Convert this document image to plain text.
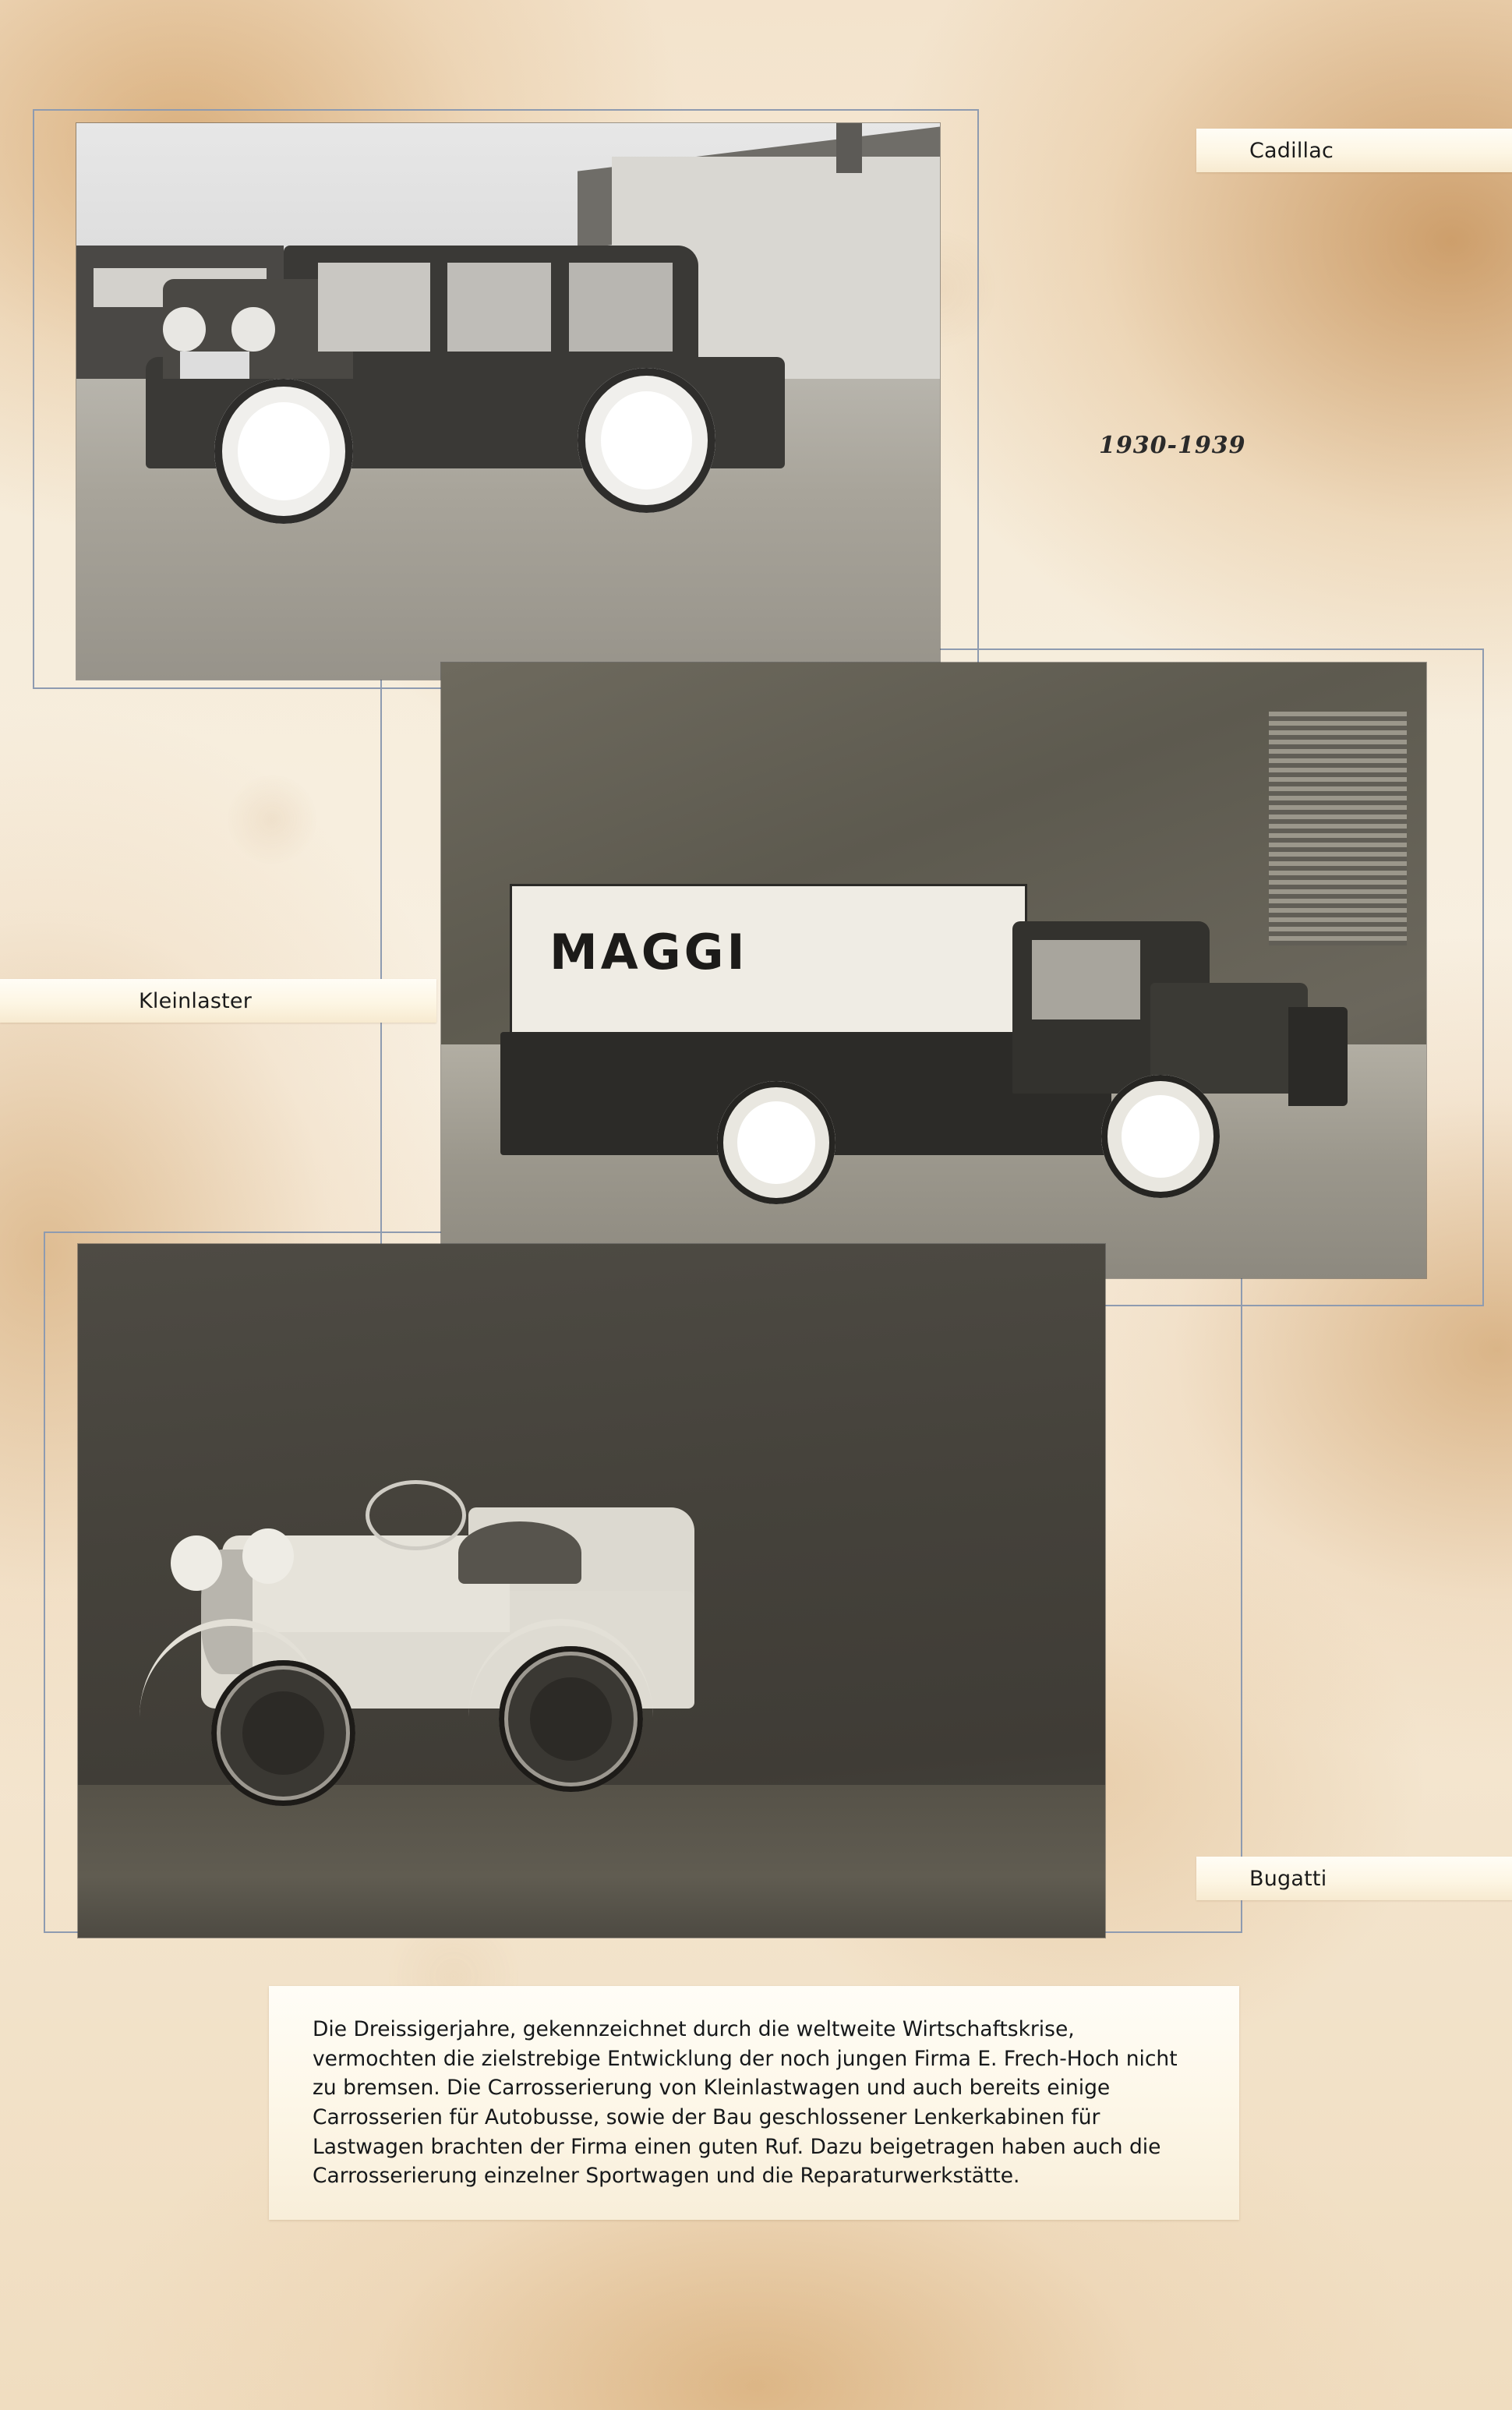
MAGGI
Cadillac
Kleinlaster
Bugatti
1930-1939
Die Dreissigerjahre, gekennzeichnet durch die weltweite Wirtschaftskrise, vermochten die zielstrebige Entwicklung der noch jungen Firma E. Frech-Hoch nicht zu bremsen. Die Carrosserierung von Kleinlastwagen und auch bereits einige Carrosserien für Autobusse, sowie der Bau geschlossener Lenkerkabinen für Lastwagen brachten der Firma einen guten Ruf. Dazu beigetragen haben auch die Carrosserierung einzelner Sportwagen und die Reparaturwerkstätte.
